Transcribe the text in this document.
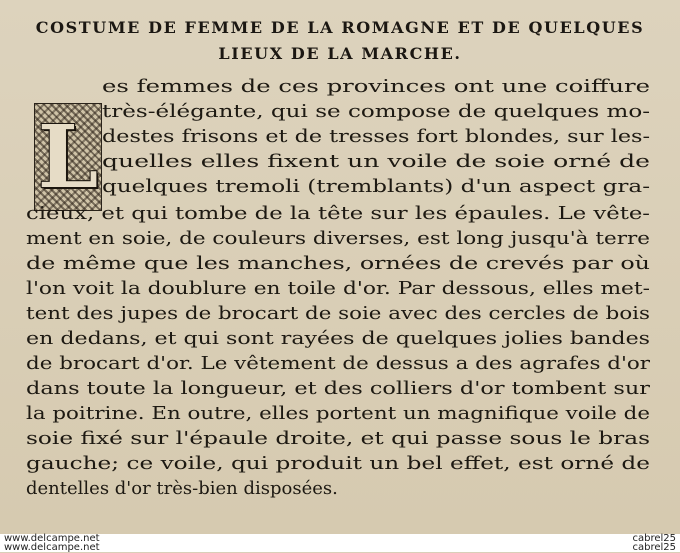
COSTUME DE FEMME DE LA ROMAGNE ET DE QUELQUES
LIEUX DE LA MARCHE.
L
es femmes de ces provinces ont une coiffure
très-élégante, qui se compose de quelques mo-
destes frisons et de tresses fort blondes, sur les-
quelles elles fixent un voile de soie orné de
quelques tremoli (tremblants) d'un aspect gra-
cieux, et qui tombe de la tête sur les épaules. Le vête-
ment en soie, de couleurs diverses, est long jusqu'à terre
de même que les manches, ornées de crevés par où
l'on voit la doublure en toile d'or. Par dessous, elles met-
tent des jupes de brocart de soie avec des cercles de bois
en dedans, et qui sont rayées de quelques jolies bandes
de brocart d'or. Le vêtement de dessus a des agrafes d'or
dans toute la longueur, et des colliers d'or tombent sur
la poitrine. En outre, elles portent un magnifique voile de
soie fixé sur l'épaule droite, et qui passe sous le bras
gauche; ce voile, qui produit un bel effet, est orné de
dentelles d'or très-bien disposées.
www.delcampe.net
www.delcampe.net
cabrel25
cabrel25
